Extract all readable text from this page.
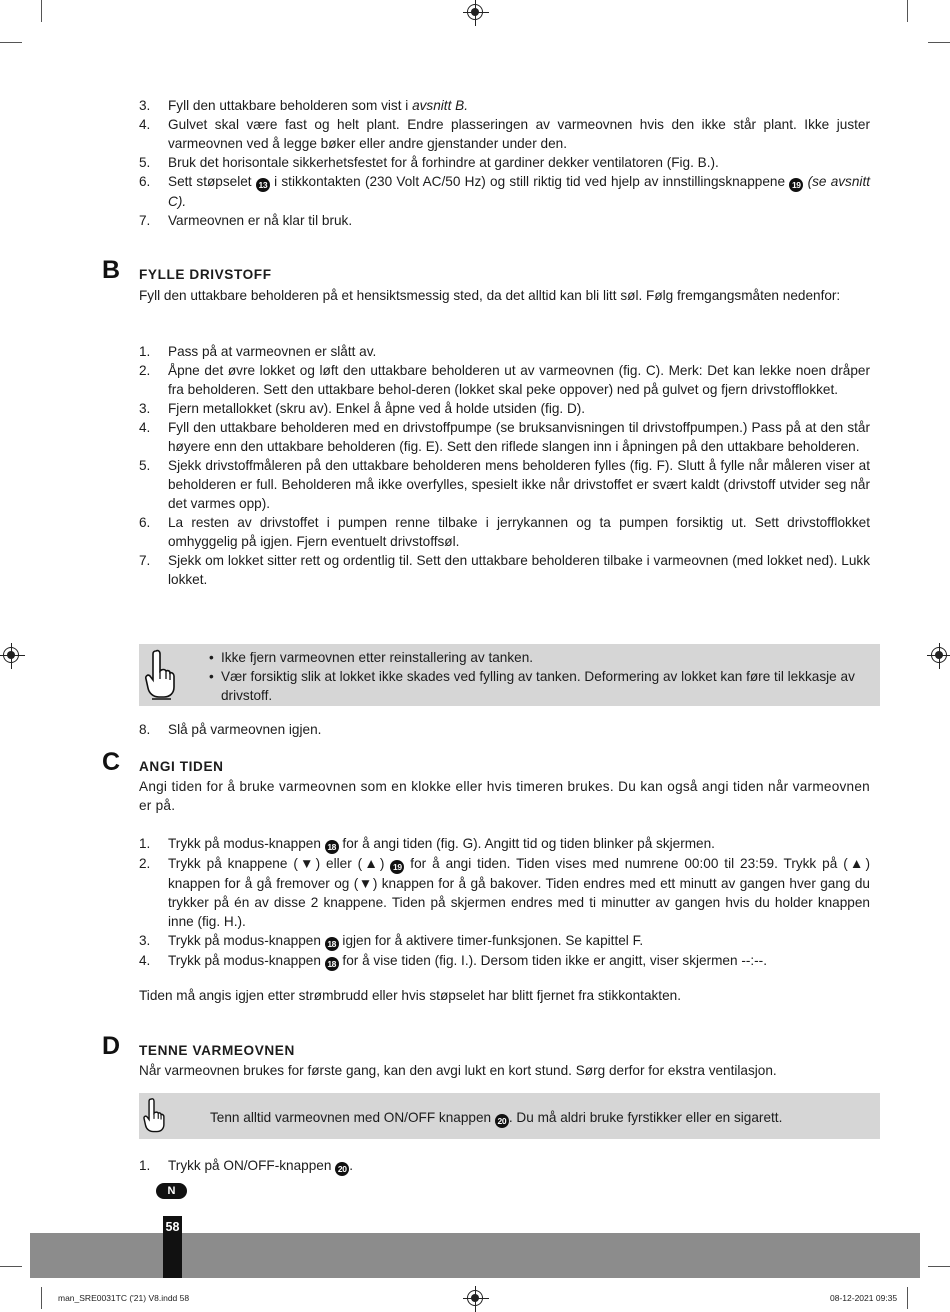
3. Fyll den uttakbare beholderen som vist i avsnitt B.
4. Gulvet skal være fast og helt plant. Endre plasseringen av varmeovnen hvis den ikke står plant. Ikke juster varmeovnen ved å legge bøker eller andre gjenstander under den.
5. Bruk det horisontale sikkerhetsfestet for å forhindre at gardiner dekker ventilatoren (Fig. B.).
6. Sett støpselet 13 i stikkontakten (230 Volt AC/50 Hz) og still riktig tid ved hjelp av innstillingsknappene 19 (se avsnitt C).
7. Varmeovnen er nå klar til bruk.
B FYLLE DRIVSTOFF
Fyll den uttakbare beholderen på et hensiktsmessig sted, da det alltid kan bli litt søl. Følg fremgangsmåten nedenfor:
1. Pass på at varmeovnen er slått av.
2. Åpne det øvre lokket og løft den uttakbare beholderen ut av varmeovnen (fig. C). Merk: Det kan lekke noen dråper fra beholderen. Sett den uttakbare behol-deren (lokket skal peke oppover) ned på gulvet og fjern drivstofflokket.
3. Fjern metallokket (skru av). Enkel å åpne ved å holde utsiden (fig. D).
4. Fyll den uttakbare beholderen med en drivstoffpumpe (se bruksanvisningen til drivstoffpumpen.) Pass på at den står høyere enn den uttakbare beholderen (fig. E). Sett den riflede slangen inn i åpningen på den uttakbare beholderen.
5. Sjekk drivstoffmåleren på den uttakbare beholderen mens beholderen fylles (fig. F). Slutt å fylle når måleren viser at beholderen er full. Beholderen må ikke overfylles, spesielt ikke når drivstoffet er svært kaldt (drivstoff utvider seg når det varmes opp).
6. La resten av drivstoffet i pumpen renne tilbake i jerrykannen og ta pumpen forsiktig ut. Sett drivstofflokket omhyggelig på igjen. Fjern eventuelt drivstoffsøl.
7. Sjekk om lokket sitter rett og ordentlig til. Sett den uttakbare beholderen tilbake i varmeovnen (med lokket ned). Lukk lokket.
• Ikke fjern varmeovnen etter reinstallering av tanken.
• Vær forsiktig slik at lokket ikke skades ved fylling av tanken. Deformering av lokket kan føre til lekkasje av drivstoff.
8. Slå på varmeovnen igjen.
C ANGI TIDEN
Angi tiden for å bruke varmeovnen som en klokke eller hvis timeren brukes. Du kan også angi tiden når varmeovnen er på.
1. Trykk på modus-knappen 18 for å angi tiden (fig. G). Angitt tid og tiden blinker på skjermen.
2. Trykk på knappene (▼) eller (▲) 19 for å angi tiden. Tiden vises med numrene 00:00 til 23:59. Trykk på (▲) knappen for å gå fremover og (▼) knappen for å gå bakover. Tiden endres med ett minutt av gangen hver gang du trykker på én av disse 2 knappene. Tiden på skjermen endres med ti minutter av gangen hvis du holder knappen inne (fig. H.).
3. Trykk på modus-knappen 18 igjen for å aktivere timer-funksjonen. Se kapittel F.
4. Trykk på modus-knappen 18 for å vise tiden (fig. I.). Dersom tiden ikke er angitt, viser skjermen --:--.
Tiden må angis igjen etter strømbrudd eller hvis støpselet har blitt fjernet fra stikkontakten.
D TENNE VARMEOVNEN
Når varmeovnen brukes for første gang, kan den avgi lukt en kort stund. Sørg derfor for ekstra ventilasjon.
Tenn alltid varmeovnen med ON/OFF knappen 20 . Du må aldri bruke fyrstikker eller en sigarett.
1. Trykk på ON/OFF-knappen 20 .
N
58
man_SRE0031TC ('21) V8.indd 58	08-12-2021 09:35
